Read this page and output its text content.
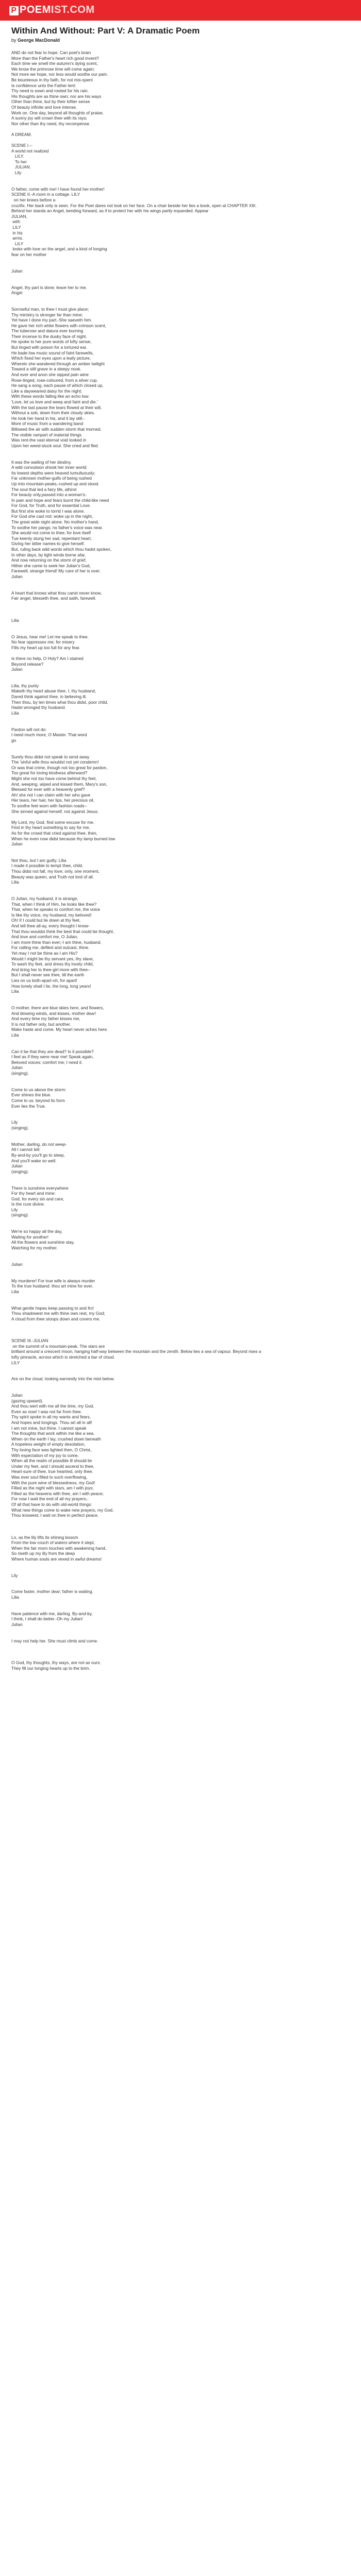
P POEMIST.COM
Within And Without: Part V: A Dramatic Poem
by George MacDonald
AND do not fear to hope. Can poet's brain
More than the Father's heart rich good invent?
Each time we smell the autumn's dying scent,
We know the primrose time will come again;
Not more we hope, nor less would soothe our pain.
Be bounteous in thy faith, for not mis-spent
Is confidence unto the Father lent:
Thy need is sown and rooted for his rain.
His thoughts are as thine own; nor are his ways
Other than thine, but by their loftier sense
Of beauty infinite and love intense.
Work on. One day, beyond all thoughts of praise,
A sunny joy will crown thee with its rays;
Nor other than thy need, thy recompense.

A DREAM.

SCENE I.--
A world not realized
LILY.
To her
JULIAN.
Lily

O father, come with me! I have found her-mother!
SCENE II.-A room in a cottage. LILY
on her knees before a
crucifix. Her back only is seen. For the Poet dares not look on her face. On a chair beside her lies a book, open at CHAPTER XIII.
Behind her stands an Angel, bending forward, as if to protect her with his wings partly expanded. Appear
JULIAN,
with
LILY
in his
arms.
LILY
looks with love on the angel, and a kind of longing
fear on her mother

Julian

Angel, thy part is done; leave her to me.
Angel

Sorrowful man, to thee I must give place;
Thy ministry is stronger far than mine;
Yet have I done my part.-She saeveth him.
He gave her rich white flowers with crimson scent,
The tuberose and datura ever burning
Their incense to the dusky face of night.
He spoke to her pure words of lofty sense,
But tinged with poison for a tortured ear.
He bade low music sound of faint farewells,
Which fixed her eyes upon a leafy picture,
Wherein she wandered through an amber twilight
Toward a still grave in a sleepy nook.
And ever and anon she sipped pain wine
Rose-tinged, rose-coloured, from a silver cup.
He sang a song, each pause of which closed up,
Like a daywearied daisy for the night;
With these words falling like an echo low:
'Love, let us love and weep and faint and die.'
With the last pause the tears flowed at their will,
Without a sob, down from their cloudy skies.
He took her hand in his, and it lay still.-
More of music from a wandering band
Billowed the air with sudden storm that morned.
The visible rampart of material things
Was rent-the vast eternal void looked in
Upon her weed-stuck soul. She cried and fled.

It was the wailing of her destiny.
A wild convulsion shook her inner world;
Its lowest depths were heaved tumultuously;
Far unknown mother-gulfs of being rushed
Up into mountain-peaks,-rushed up and stood.
The soul that led a fairy life, athirst
For beauty only,passed into a woman's:
In pain and hope and fears burnt the child-like need
For God, for Truth, and for essential Love.
But first she woke to torrid I was alone.
For God she cast not; woke up in the night,
The great wide night alone. No mother's hand,
To soothe her pangs; no father's voice was near.
She would not come to thee; for love itself
Tue keenly stung her sad, repentant heart,
Giving her bitter names-to give herself.
But, ruling back wild words which thou hadst spoken,
In other days, by light winds borne afar,
And now returning on the storm of grief,
Hither she came to seek her Julian's God,
Farewell, strange friend! My care of her is over.
Julian

A heart that knows what thou canst never know,
Fair angel, blesseth thee, and saith, farewell.

Lilia

O Jesus, hear me! Let me speak to thee.
No fear oppresses me; for misery
Fills my heart up too full for any fear.

Is there no help, O Holy? Am I stained
Beyond release?
Julian

Lilia, thy purity
Maketh thy heart abuse thee. I, thy husband,
Dared think against thee, in believing ill.
Then thou, by ten times what thou didst, poor child,
Hadst wronged thy husband.
Lilia

Pardon will not do:
I need much more, O Master. That word
go

Surely thou didst not speak to send away
The 'sinful wife thou wouldst not yet condemn!
Or was that crime, though not too great for pardon,
Too great for loving kindness afterward?
Might she not too have come behind thy feet,
And, weeping, wiped and kissed them, Mary's son,
Blessed for ever with a heavenly grief?
Ah! she not I can claim with her who gave
Her tears, her hair, her lips, her precious oil,
To soothe feet worn with fashion roads--
She sinned against herself, not against Jesus.

My Lord, my God, find some excuse for me.
Find in thy heart something to say for me,
As for the crowd that cried against thee, then,
When he even now didst because thy lamp burned low
Julian

Not thou, but I am guilty. Lilia
I made it possible to tempt thee, child.
Thou didst not fall, my love; only, one moment,
Beauty was queen, and Truth not lord of all.
Lilia

O Julian, my husband, it is strange,
That, when I think of Him, he looks like thee?
That, when he speaks to comfort me, the voice
Is like thy voice, my husband, my beloved!
Oh! if I could but lie down at thy feet,
And tell thee all-ay, every thought I know-
That thou wouldst think the best that could be thought,
And love and comfort me, O Julian,
I am more thine than ever;-I am thine, husband.
For calling me, defiled and outcast, thine.
Yet may I not be thine as I am His?
Would I might be thy servant yes, thy slave,
To wash thy feet, and dress thy lovely child,
And bring her to thee-girl more with thee--
But I shall never see thee, till the earth
Lies on us both-apart-oh, for apart!
How lonely shall I lie, the long, long years!
Lilia

O mother, there are blue skies here, and flowers,
And blowing winds, and kisses, mother dear!
And every time my father kisses me,
It is not father only, but another.
Make haste and come. My heart never aches here.
Lilia

Can it be that they are dead? Is it possible?
I feel as if they were near me! Speak again,
Beloved voices; comfort me; I need it.
Julian
(singing).

Come to us above the storm:
Ever shines the blue.
Come to us: beyond its form
Ever lies the True.

Lily
(singing).

Mother, darling, do not weep-
All I cannot tell:
By-and-by you'll go to sleep,
And you'll wake so well.
Julian
(singing).

There is sunshine everywhere
For thy heart and mine:
God, for every sin and care,
Is the cure divine.
Lily
(singing).

We're so happy all the day,
Waiting for another!
All the flowers and sunshine stay,
Watching for my mother.

Julian

My murderer! For true wife is always murder
To the true husband: thou art mine for ever.
Lilia

What gentle hopes keep passing to and fro!
Thou shadowest me with thine own rest, my God;
A cloud from thee stoops down and covers me.

SCENE III.-JULIAN
on the summit of a mountain-peak. The stars are
brilliant around a crescent moon, hanging half-way between the mountain and the zenith. Below lies a sea of vapour. Beyond rises a
lofty pinnacle, across which is stretched a bar of cloud.
LILY

Are on the cloud, looking earnestly into the mist below.

Julian
(gazing upward).
And thou wert with me all the time, my God,
Even as now! I was not far from thee.
Thy spirit spoke in all my wants and fears,
And hopes and longings. Thou art all in all!
I am not mine, but thine. I cannot speak
The thoughts that work within me like a sea.
When on the earth I lay, crushed down beneath
A hopeless weight of empty desolation,
Thy loving face was lighted then, O Christ,
With expectation of my joy to come,
When all the realm of possible ill should lie
Under my feet, and I should ascend to thee,
Heart-sure of thee, true heartied, only thee.
Was ever soul filled to such overflowing,
With the pure wine of blessedness, my God!
Filled as the night with stars, am I with joys;
Filled as the heavens with thee, am I with peace;
For now I wait the end of all my prayers,-
Of all that have to do with old-world things:
What new things come to wake new prayers, my God,
Thou knowest; I wait on thee in perfect peace.

Lo, as the lily lifts its shining bosom
From the low couch of waters where it slept,
When the fair morn touches with awakening hand,
So riseth up my lily from the deep
Where human souls are vexed in awful dreams!

Lily

Come faster, mother dear; father is waiting.
Lilia

Have patience with me, darling. By-and-by,
I think, I shall do better.-Oh my Julian!
Julian

I may not help her. She must climb and come.

O God, thy thoughts, thy ways, are not as ours:
They fill our longing hearts up to the brim.
